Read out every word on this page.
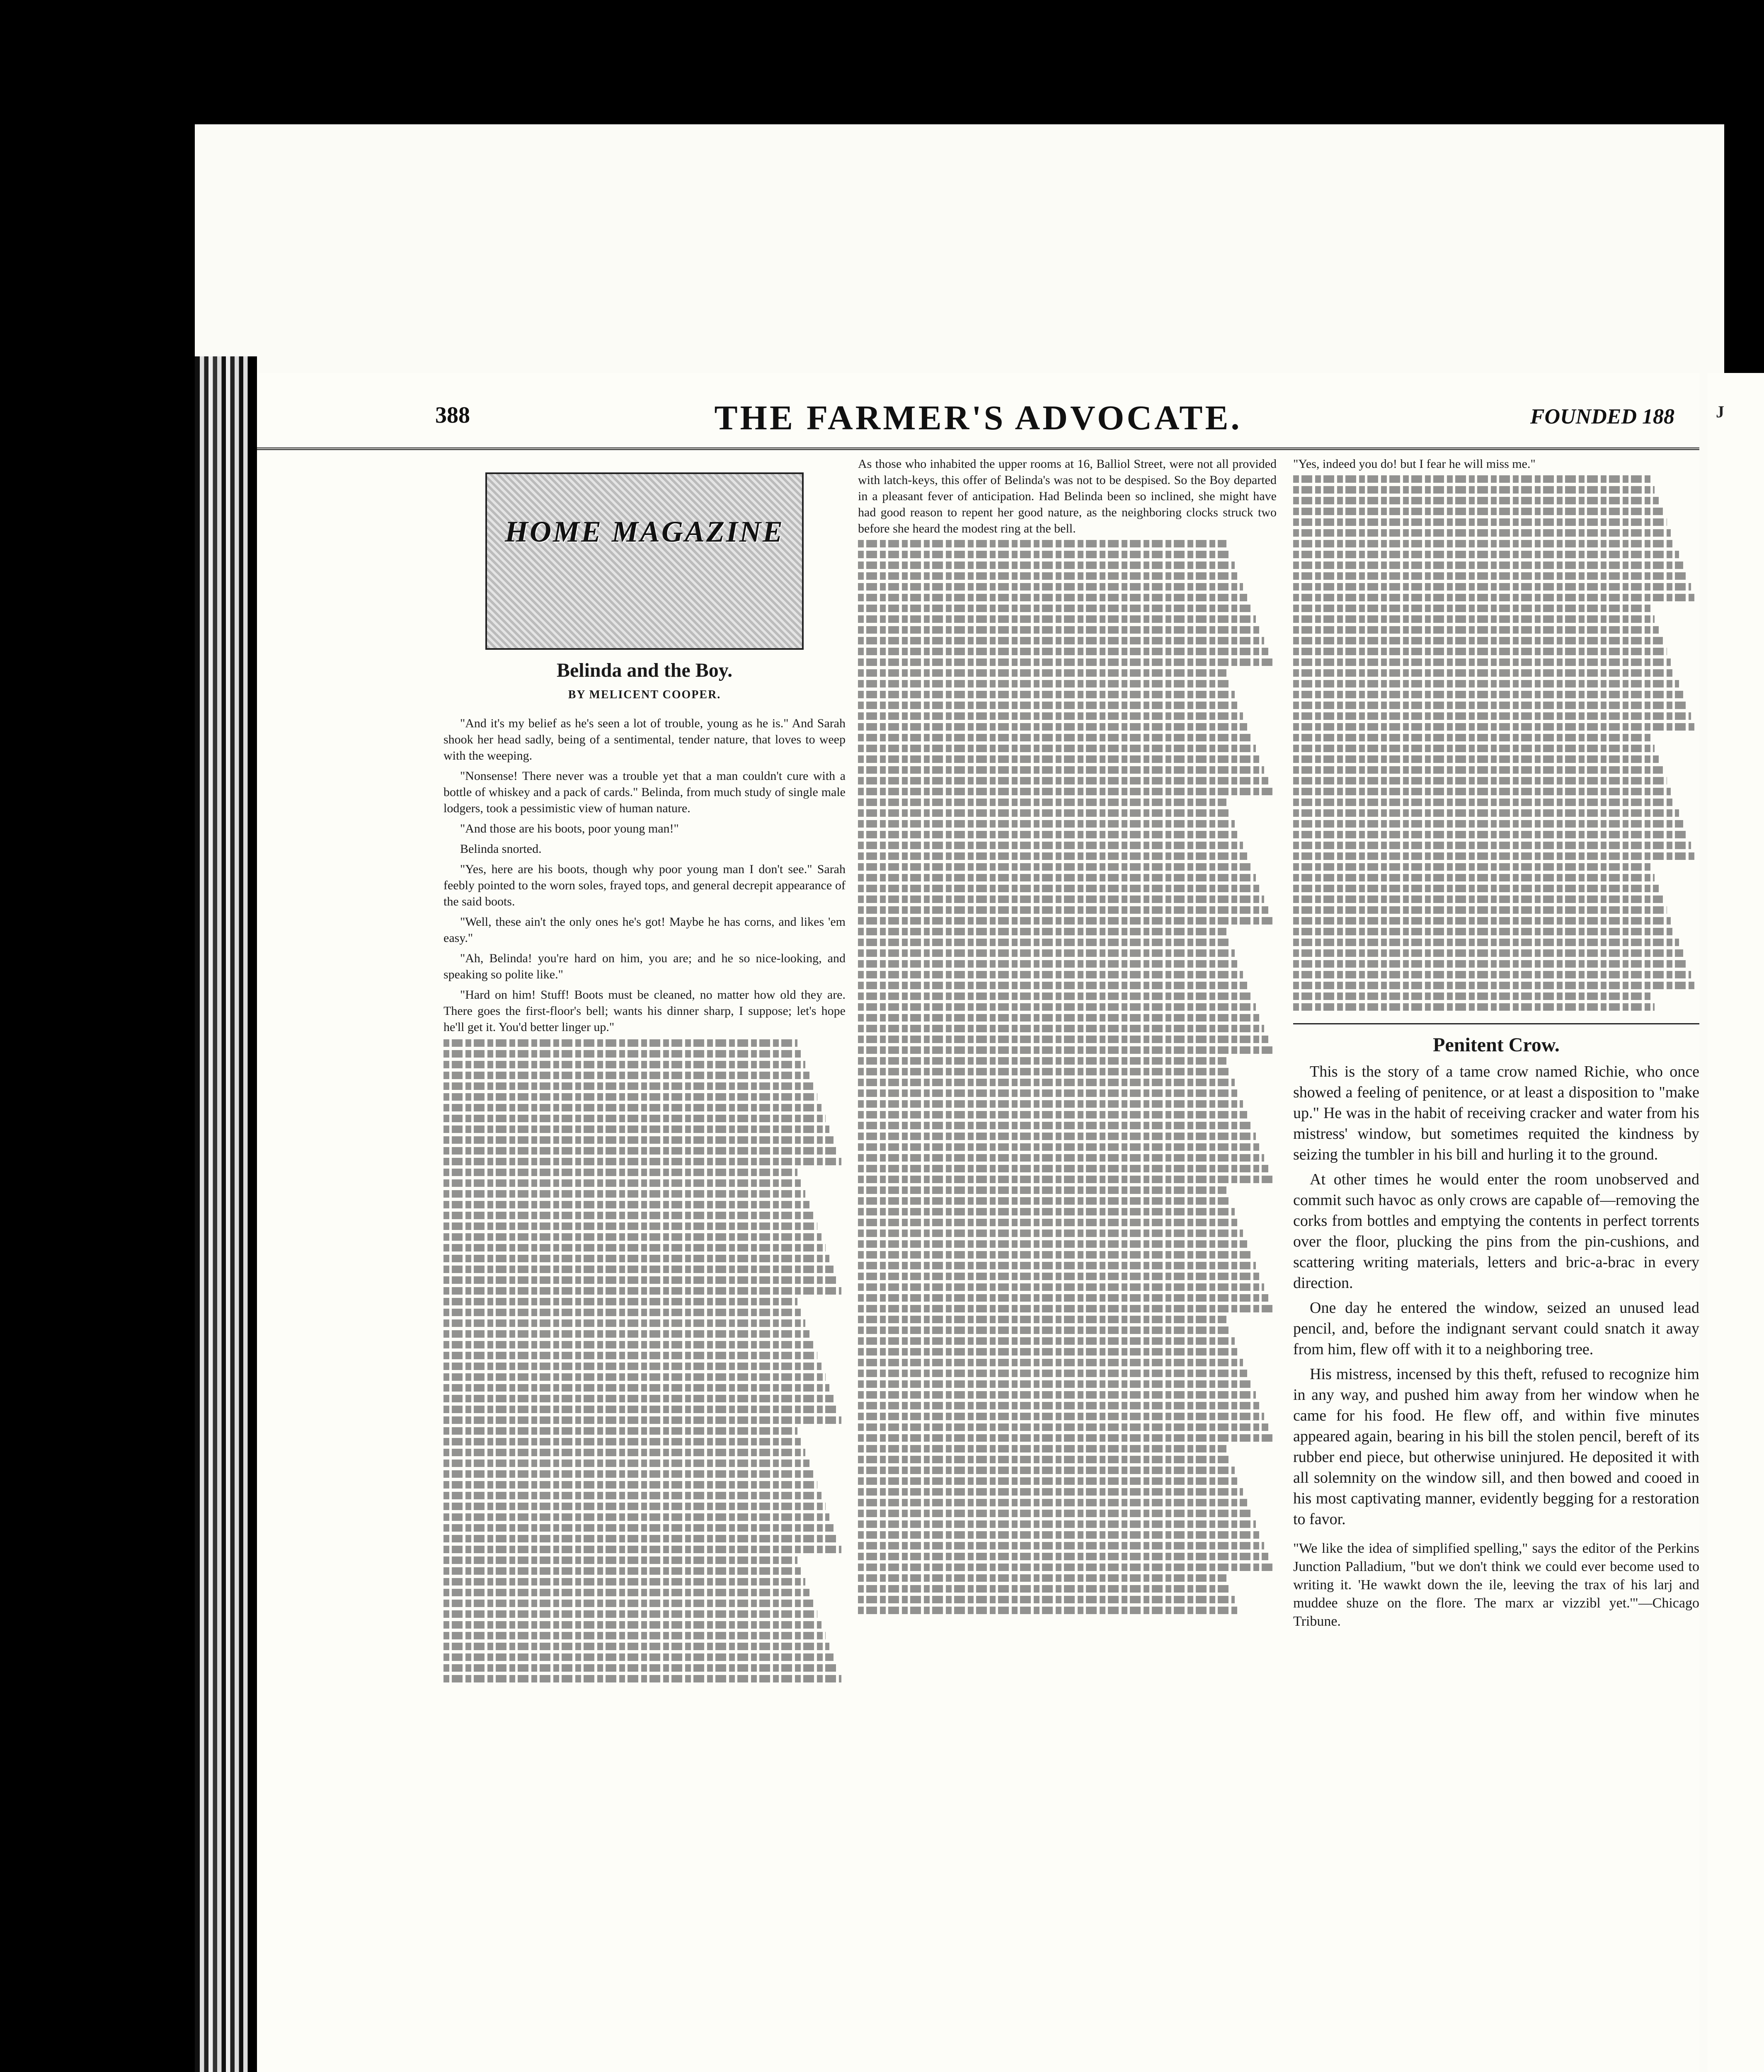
388	THE FARMER'S ADVOCATE.	FOUNDED 188
HOME MAGAZINE
Belinda and the Boy.
BY MELICENT COOPER.

"And it's my belief as he's seen a lot of trouble, young as he is." And Sarah shook her head sadly, being of a sentimental, tender nature, that loves to weep with the weeping.

"Nonsense! There never was a trouble yet that a man couldn't cure with a bottle of whiskey and a pack of cards." Belinda, from much study of single male lodgers, took a pessimistic view of human nature.

"And those are his boots, poor young man!"

Belinda snorted.

"Yes, here are his boots, though why poor young man I don't see." Sarah feebly pointed to the worn soles, frayed tops, and general decrepit appearance of the said boots.

"Well, these ain't the only ones he's got! Maybe he has corns, and likes 'em easy."

"Ah, Belinda! you're hard on him, you are; and he so nice-looking, and speaking so polite like."

"Hard on him! Stuff! Boots must be cleaned, no matter how old they are. There goes the first-floor's bell; wants his dinner sharp, I suppose; let's hope he'll get it. You'd better linger up."

As those who inhabited the upper rooms at 16, Balliol Street, were not all provided with latch-keys, this offer of Belinda's was not to be despised. So the Boy departed in a pleasant fever of anticipation. Had Belinda been so inclined, she might have had good reason to repent her good nature, as the neighboring clocks struck two before she heard the modest ring at the bell.
"Yes, indeed you do! but I fear he will miss me."
Penitent Crow.

This is the story of a tame crow named Richie, who once showed a feeling of penitence, or at least a disposition to "make up." He was in the habit of receiving cracker and water from his mistress' window, but sometimes requited the kindness by seizing the tumbler in his bill and hurling it to the ground.

At other times he would enter the room unobserved and commit such havoc as only crows are capable of—removing the corks from bottles and emptying the contents in perfect torrents over the floor, plucking the pins from the pin-cushions, and scattering writing materials, letters and bric-a-brac in every direction.

One day he entered the window, seized an unused lead pencil, and, before the indignant servant could snatch it away from him, flew off with it to a neighboring tree.

His mistress, incensed by this theft, refused to recognize him in any way, and pushed him away from her window when he came for his food. He flew off, and within five minutes appeared again, bearing in his bill the stolen pencil, bereft of its rubber end piece, but otherwise uninjured. He deposited it with all solemnity on the window sill, and then bowed and cooed in his most captivating manner, evidently begging for a restoration to favor.

"We like the idea of simplified spelling," says the editor of the Perkins Junction Palladium, "but we don't think we could ever become used to writing it. 'He wawkt down the ile, leeving the trax of his larj and muddee shuze on the flore. The marx ar vizzibl yet.'"—Chicago Tribune.
J
